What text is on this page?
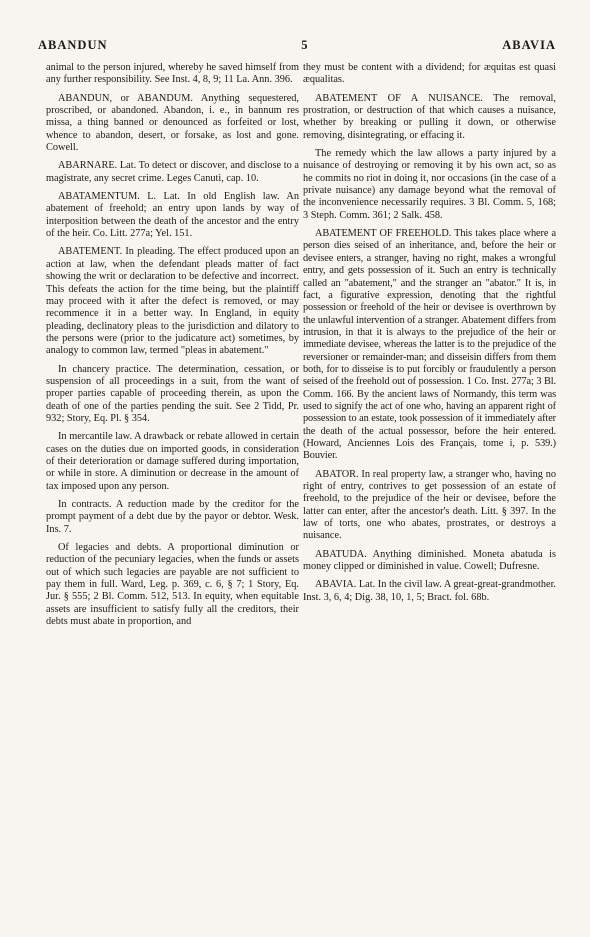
ABANDUN	5	ABAVIA

animal to the person injured, whereby he saved himself from any further responsibility. See Inst. 4, 8, 9; 11 La. Ann. 396.

ABANDUN, or ABANDUM. Anything sequestered, proscribed, or abandoned. Abandon, i. e., in bannum res missa, a thing banned or denounced as forfeited or lost, whence to abandon, desert, or forsake, as lost and gone. Cowell.

ABARNARE. Lat. To detect or discover, and disclose to a magistrate, any secret crime. Leges Canuti, cap. 10.

ABATAMENTUM. L. Lat. In old English law. An abatement of freehold; an entry upon lands by way of interposition between the death of the ancestor and the entry of the heir. Co. Litt. 277a; Yel. 151.

ABATEMENT. In pleading. The effect produced upon an action at law, when the defendant pleads matter of fact showing the writ or declaration to be defective and incorrect. This defeats the action for the time being, but the plaintiff may proceed with it after the defect is removed, or may recommence it in a better way. In England, in equity pleading, declinatory pleas to the jurisdiction and dilatory to the persons were (prior to the judicature act) sometimes, by analogy to common law, termed "pleas in abatement."

In chancery practice. The determination, cessation, or suspension of all proceedings in a suit, from the want of proper parties capable of proceeding therein, as upon the death of one of the parties pending the suit. See 2 Tidd, Pr. 932; Story, Eq. Pl. § 354.

In mercantile law. A drawback or rebate allowed in certain cases on the duties due on imported goods, in consideration of their deterioration or damage suffered during importation, or while in store. A diminution or decrease in the amount of tax imposed upon any person.

In contracts. A reduction made by the creditor for the prompt payment of a debt due by the payor or debtor. Wesk. Ins. 7.

Of legacies and debts. A proportional diminution or reduction of the pecuniary legacies, when the funds or assets out of which such legacies are payable are not sufficient to pay them in full. Ward, Leg. p. 369, c. 6, § 7; 1 Story, Eq. Jur. § 555; 2 Bl. Comm. 512, 513. In equity, when equitable assets are insufficient to satisfy fully all the creditors, their debts must abate in proportion, and

they must be content with a dividend; for æquitas est quasi æqualitas.

ABATEMENT OF A NUISANCE. The removal, prostration, or destruction of that which causes a nuisance, whether by breaking or pulling it down, or otherwise removing, disintegrating, or effacing it.

The remedy which the law allows a party injured by a nuisance of destroying or removing it by his own act, so as he commits no riot in doing it, nor occasions (in the case of a private nuisance) any damage beyond what the removal of the inconvenience necessarily requires. 3 Bl. Comm. 5, 168; 3 Steph. Comm. 361; 2 Salk. 458.

ABATEMENT OF FREEHOLD. This takes place where a person dies seised of an inheritance, and, before the heir or devisee enters, a stranger, having no right, makes a wrongful entry, and gets possession of it. Such an entry is technically called an "abatement," and the stranger an "abator." It is, in fact, a figurative expression, denoting that the rightful possession or freehold of the heir or devisee is overthrown by the unlawful intervention of a stranger. Abatement differs from intrusion, in that it is always to the prejudice of the heir or immediate devisee, whereas the latter is to the prejudice of the reversioner or remainder-man; and disseisin differs from them both, for to disseise is to put forcibly or fraudulently a person seised of the freehold out of possession. 1 Co. Inst. 277a; 3 Bl. Comm. 166. By the ancient laws of Normandy, this term was used to signify the act of one who, having an apparent right of possession to an estate, took possession of it immediately after the death of the actual possessor, before the heir entered. (Howard, Anciennes Lois des Français, tome i, p. 539.) Bouvier.

ABATOR. In real property law, a stranger who, having no right of entry, contrives to get possession of an estate of freehold, to the prejudice of the heir or devisee, before the latter can enter, after the ancestor's death. Litt. § 397. In the law of torts, one who abates, prostrates, or destroys a nuisance.

ABATUDA. Anything diminished. Moneta abatuda is money clipped or diminished in value. Cowell; Dufresne.

ABAVIA. Lat. In the civil law. A great-great-grandmother. Inst. 3, 6, 4; Dig. 38, 10, 1, 5; Bract. fol. 68b.
